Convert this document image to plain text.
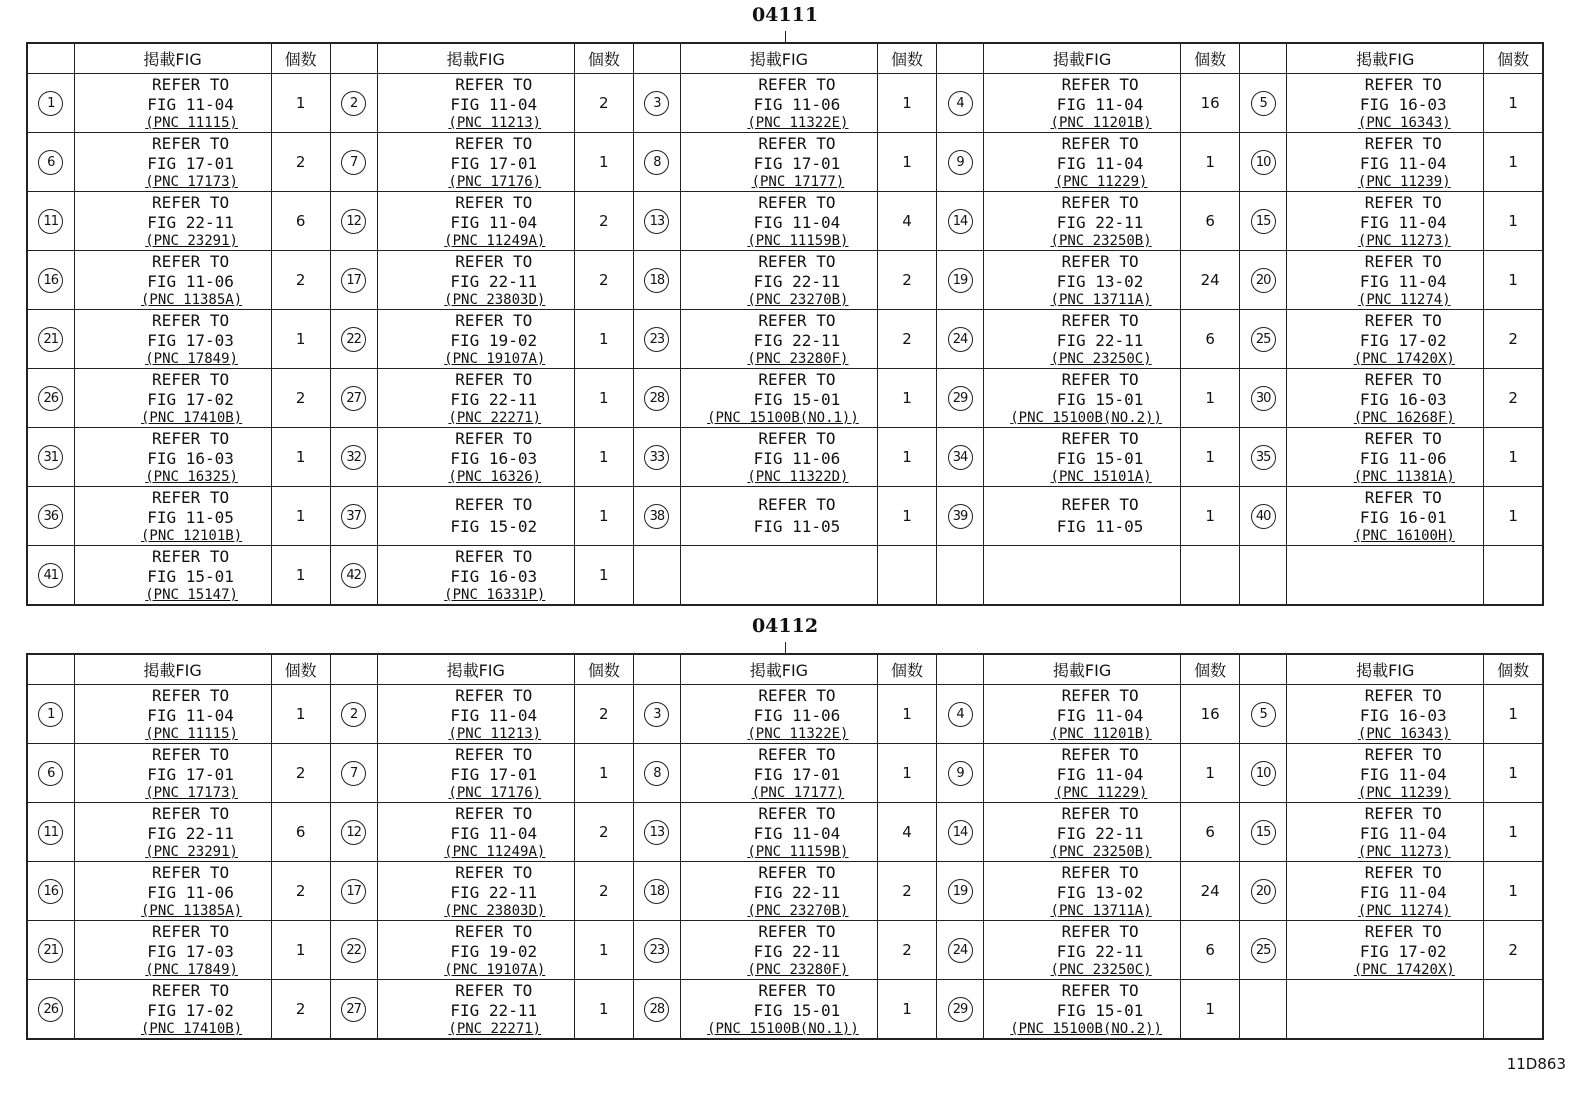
04111
	掲載FIG	個数		掲載FIG	個数		掲載FIG	個数		掲載FIG	個数		掲載FIG	個数
1	REFER TO
FIG 11-04
(PNC 11115)	1	2	REFER TO
FIG 11-04
(PNC 11213)	2	3	REFER TO
FIG 11-06
(PNC 11322E)	1	4	REFER TO
FIG 11-04
(PNC 11201B)	16	5	REFER TO
FIG 16-03
(PNC 16343)	1
6	REFER TO
FIG 17-01
(PNC 17173)	2	7	REFER TO
FIG 17-01
(PNC 17176)	1	8	REFER TO
FIG 17-01
(PNC 17177)	1	9	REFER TO
FIG 11-04
(PNC 11229)	1	10	REFER TO
FIG 11-04
(PNC 11239)	1
11	REFER TO
FIG 22-11
(PNC 23291)	6	12	REFER TO
FIG 11-04
(PNC 11249A)	2	13	REFER TO
FIG 11-04
(PNC 11159B)	4	14	REFER TO
FIG 22-11
(PNC 23250B)	6	15	REFER TO
FIG 11-04
(PNC 11273)	1
16	REFER TO
FIG 11-06
(PNC 11385A)	2	17	REFER TO
FIG 22-11
(PNC 23803D)	2	18	REFER TO
FIG 22-11
(PNC 23270B)	2	19	REFER TO
FIG 13-02
(PNC 13711A)	24	20	REFER TO
FIG 11-04
(PNC 11274)	1
21	REFER TO
FIG 17-03
(PNC 17849)	1	22	REFER TO
FIG 19-02
(PNC 19107A)	1	23	REFER TO
FIG 22-11
(PNC 23280F)	2	24	REFER TO
FIG 22-11
(PNC 23250C)	6	25	REFER TO
FIG 17-02
(PNC 17420X)	2
26	REFER TO
FIG 17-02
(PNC 17410B)	2	27	REFER TO
FIG 22-11
(PNC 22271)	1	28	REFER TO
FIG 15-01
(PNC 15100B(NO.1))	1	29	REFER TO
FIG 15-01
(PNC 15100B(NO.2))	1	30	REFER TO
FIG 16-03
(PNC 16268F)	2
31	REFER TO
FIG 16-03
(PNC 16325)	1	32	REFER TO
FIG 16-03
(PNC 16326)	1	33	REFER TO
FIG 11-06
(PNC 11322D)	1	34	REFER TO
FIG 15-01
(PNC 15101A)	1	35	REFER TO
FIG 11-06
(PNC 11381A)	1
36	REFER TO
FIG 11-05
(PNC 12101B)	1	37	REFER TO
FIG 15-02	1	38	REFER TO
FIG 11-05	1	39	REFER TO
FIG 11-05	1	40	REFER TO
FIG 16-01
(PNC 16100H)	1
41	REFER TO
FIG 15-01
(PNC 15147)	1	42	REFER TO
FIG 16-03
(PNC 16331P)	1									
04112
	掲載FIG	個数		掲載FIG	個数		掲載FIG	個数		掲載FIG	個数		掲載FIG	個数
1	REFER TO
FIG 11-04
(PNC 11115)	1	2	REFER TO
FIG 11-04
(PNC 11213)	2	3	REFER TO
FIG 11-06
(PNC 11322E)	1	4	REFER TO
FIG 11-04
(PNC 11201B)	16	5	REFER TO
FIG 16-03
(PNC 16343)	1
6	REFER TO
FIG 17-01
(PNC 17173)	2	7	REFER TO
FIG 17-01
(PNC 17176)	1	8	REFER TO
FIG 17-01
(PNC 17177)	1	9	REFER TO
FIG 11-04
(PNC 11229)	1	10	REFER TO
FIG 11-04
(PNC 11239)	1
11	REFER TO
FIG 22-11
(PNC 23291)	6	12	REFER TO
FIG 11-04
(PNC 11249A)	2	13	REFER TO
FIG 11-04
(PNC 11159B)	4	14	REFER TO
FIG 22-11
(PNC 23250B)	6	15	REFER TO
FIG 11-04
(PNC 11273)	1
16	REFER TO
FIG 11-06
(PNC 11385A)	2	17	REFER TO
FIG 22-11
(PNC 23803D)	2	18	REFER TO
FIG 22-11
(PNC 23270B)	2	19	REFER TO
FIG 13-02
(PNC 13711A)	24	20	REFER TO
FIG 11-04
(PNC 11274)	1
21	REFER TO
FIG 17-03
(PNC 17849)	1	22	REFER TO
FIG 19-02
(PNC 19107A)	1	23	REFER TO
FIG 22-11
(PNC 23280F)	2	24	REFER TO
FIG 22-11
(PNC 23250C)	6	25	REFER TO
FIG 17-02
(PNC 17420X)	2
26	REFER TO
FIG 17-02
(PNC 17410B)	2	27	REFER TO
FIG 22-11
(PNC 22271)	1	28	REFER TO
FIG 15-01
(PNC 15100B(NO.1))	1	29	REFER TO
FIG 15-01
(PNC 15100B(NO.2))	1			
11D863
